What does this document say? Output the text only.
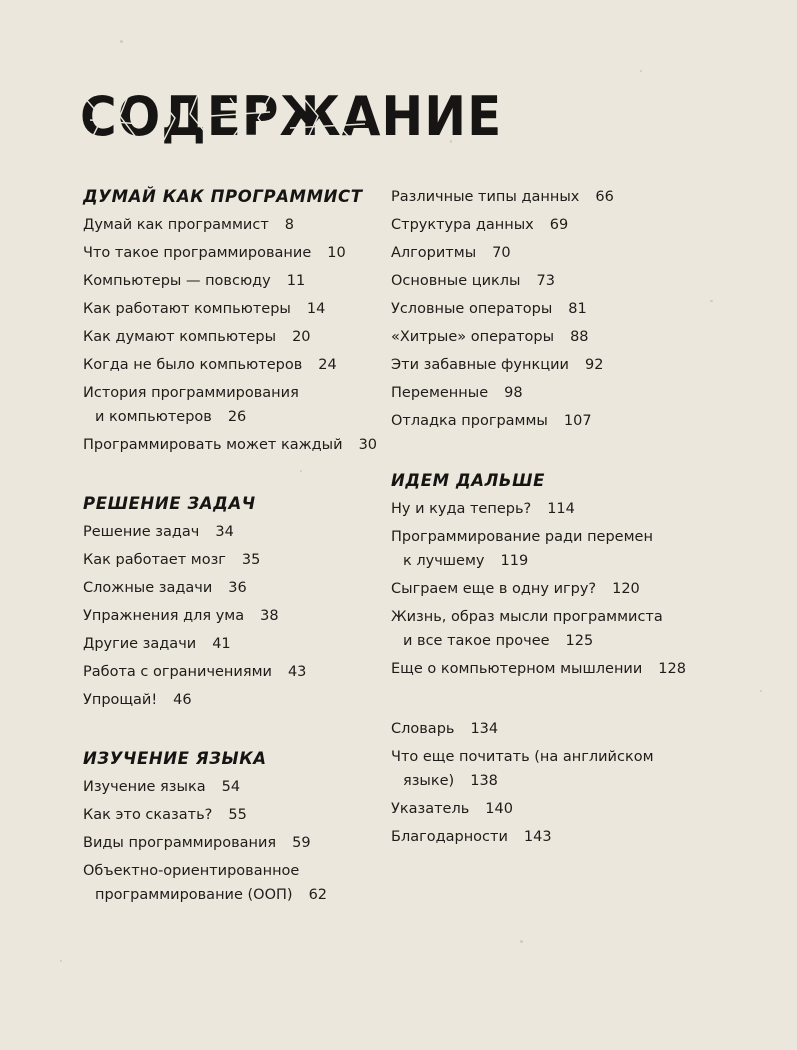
СОДЕРЖАНИЕ
ДУМАЙ КАК ПРОГРАММИСТ
Думай как программист 8
Что такое программирование 10
Компьютеры — повсюду 11
Как работают компьютеры 14
Как думают компьютеры 20
Когда не было компьютеров 24
История программирования
и компьютеров 26
Программировать может каждый 30
РЕШЕНИЕ ЗАДАЧ
Решение задач 34
Как работает мозг 35
Сложные задачи 36
Упражнения для ума 38
Другие задачи 41
Работа с ограничениями 43
Упрощай! 46
ИЗУЧЕНИЕ ЯЗЫКА
Изучение языка 54
Как это сказать? 55
Виды программирования 59
Объектно-ориентированное
программирование (ООП) 62
Различные типы данных 66
Структура данных 69
Алгоритмы 70
Основные циклы 73
Условные операторы 81
«Хитрые» операторы 88
Эти забавные функции 92
Переменные 98
Отладка программы 107
ИДЕМ ДАЛЬШЕ
Ну и куда теперь? 114
Программирование ради перемен
к лучшему 119
Сыграем еще в одну игру? 120
Жизнь, образ мысли программиста
и все такое прочее 125
Еще о компьютерном мышлении 128
Словарь 134
Что еще почитать (на английском
языке) 138
Указатель 140
Благодарности 143
